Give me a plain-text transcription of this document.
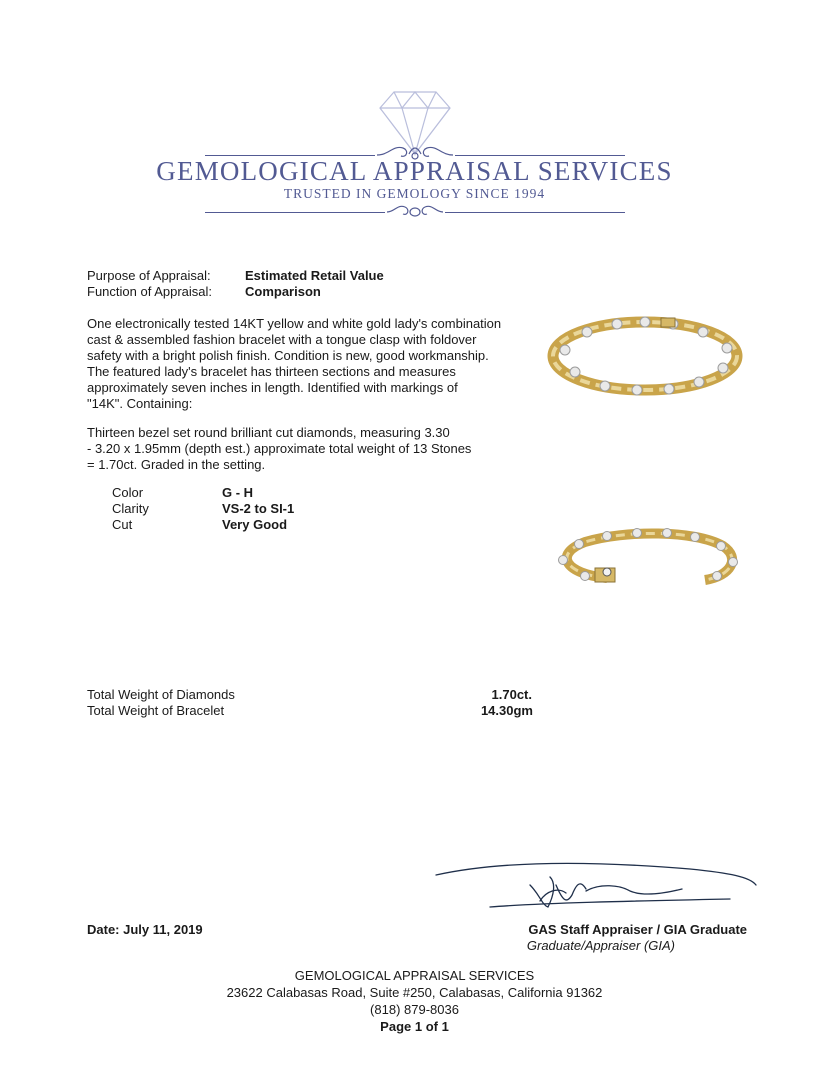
GEMOLOGICAL APPRAISAL SERVICES
TRUSTED IN GEMOLOGY SINCE 1994
Purpose of Appraisal:	Estimated Retail Value
Function of Appraisal:	Comparison
One electronically tested 14KT yellow and white gold lady's combination
cast & assembled fashion bracelet with a tongue clasp with foldover
safety with a bright polish finish. Condition is new, good workmanship.
The featured lady's bracelet has thirteen sections and measures
approximately seven inches in length. Identified with markings of
"14K". Containing:
Thirteen bezel set round brilliant cut diamonds, measuring 3.30
- 3.20 x 1.95mm (depth est.) approximate total weight of 13 Stones
= 1.70ct. Graded in the setting.
Color	G - H
Clarity	VS-2 to SI-1
Cut	Very Good
Total Weight of Diamonds	1.70ct.
Total Weight of Bracelet	14.30gm
Date: July 11, 2019	GAS Staff Appraiser / GIA Graduate
Graduate/Appraiser (GIA)
GEMOLOGICAL APPRAISAL SERVICES
23622 Calabasas Road, Suite #250, Calabasas, California 91362
(818) 879-8036
Page 1 of 1
